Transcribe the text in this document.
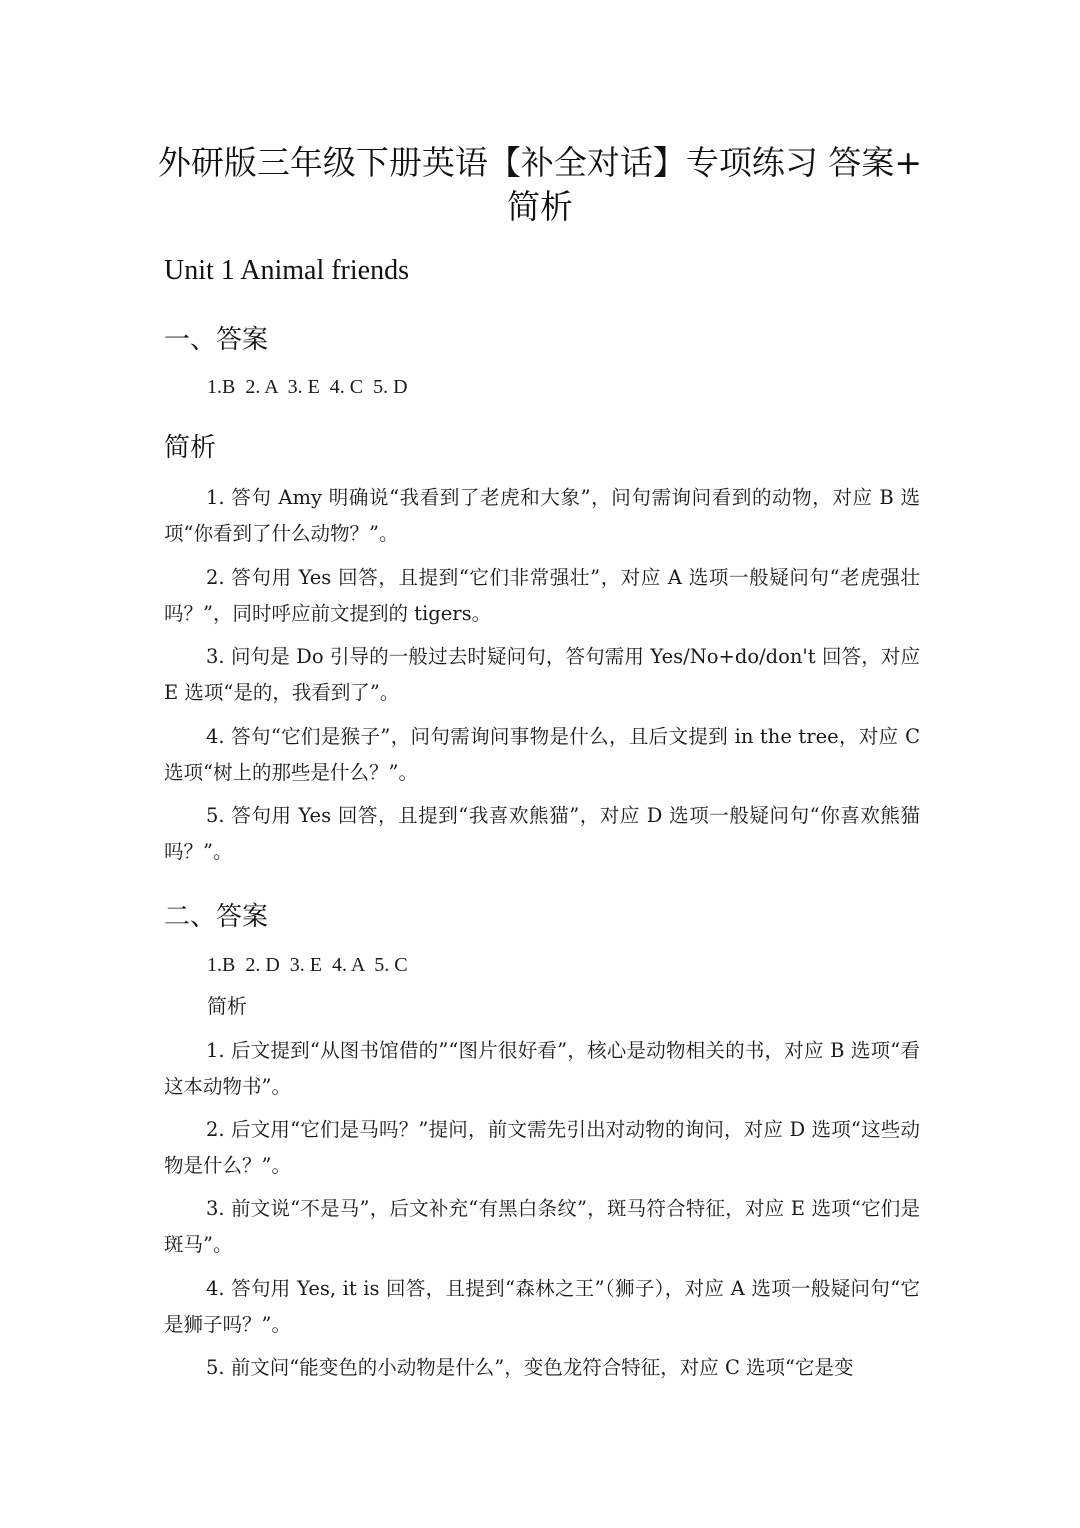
外研版三年级下册英语【补全对话】专项练习 答案+
简析
Unit 1 Animal friends
一、答案

1.B  2. A  3. E  4. C  5. D

简析

1. 答句 Amy 明确说“我看到了老虎和大象”，问句需询问看到的动物，对应 B 选项“你看到了什么动物？”。

2. 答句用 Yes 回答，且提到“它们非常强壮”，对应 A 选项一般疑问句“老虎强壮吗？”，同时呼应前文提到的 tigers。

3. 问句是 Do 引导的一般过去时疑问句，答句需用 Yes/No+do/don't 回答，对应 E 选项“是的，我看到了”。

4. 答句“它们是猴子”，问句需询问事物是什么，且后文提到 in the tree，对应 C 选项“树上的那些是什么？”。

5. 答句用 Yes 回答，且提到“我喜欢熊猫”，对应 D 选项一般疑问句“你喜欢熊猫吗？”。

二、答案

1.B  2. D  3. E  4. A  5. C

简析

1. 后文提到“从图书馆借的”“图片很好看”，核心是动物相关的书，对应 B 选项“看这本动物书”。

2. 后文用“它们是马吗？”提问，前文需先引出对动物的询问，对应 D 选项“这些动物是什么？”。

3. 前文说“不是马”，后文补充“有黑白条纹”，斑马符合特征，对应 E 选项“它们是斑马”。

4. 答句用 Yes, it is 回答，且提到“森林之王”（狮子），对应 A 选项一般疑问句“它是狮子吗？”。

5. 前文问“能变色的小动物是什么”，变色龙符合特征，对应 C 选项“它是变
